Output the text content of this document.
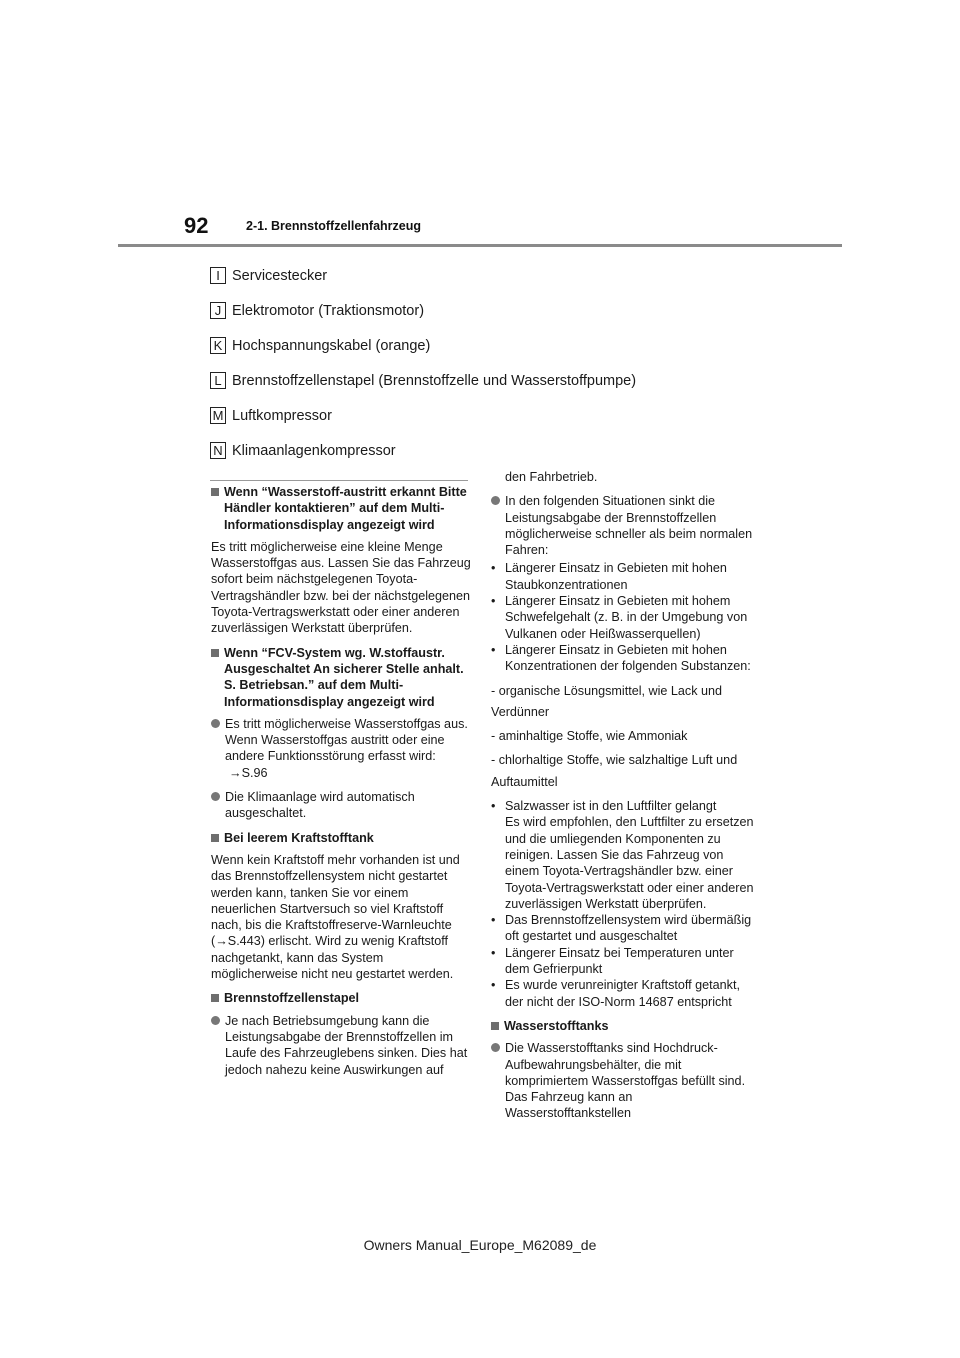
92	2-1. Brennstoffzellenfahrzeug
I Servicestecker
J Elektromotor (Traktionsmotor)
K Hochspannungskabel (orange)
L Brennstoffzellenstapel (Brennstoffzelle und Wasserstoffpumpe)
M Luftkompressor
N Klimaanlagenkompressor
Wenn “Wasserstoff-austritt erkannt Bitte Händler kontaktieren” auf dem Multi-Informationsdisplay angezeigt wird
Es tritt möglicherweise eine kleine Menge Wasserstoffgas aus. Lassen Sie das Fahrzeug sofort beim nächstgelegenen Toyota-Vertragshändler bzw. bei der nächstgelegenen Toyota-Vertragswerkstatt oder einer anderen zuverlässigen Werkstatt überprüfen.
Wenn “FCV-System wg. W.stoffaustr. Ausgeschaltet An sicherer Stelle anhalt. S. Betriebsan.” auf dem Multi-Informationsdisplay angezeigt wird
Es tritt möglicherweise Wasserstoffgas aus.
Wenn Wasserstoffgas austritt oder eine andere Funktionsstörung erfasst wird:
→S.96
Die Klimaanlage wird automatisch ausgeschaltet.
Bei leerem Kraftstofftank
Wenn kein Kraftstoff mehr vorhanden ist und das Brennstoffzellensystem nicht gestartet werden kann, tanken Sie vor einem neuerlichen Startversuch so viel Kraftstoff nach, bis die Kraftstoffreserve-Warnleuchte (→S.443) erlischt. Wird zu wenig Kraftstoff nachgetankt, kann das System möglicherweise nicht neu gestartet werden.
Brennstoffzellenstapel
Je nach Betriebsumgebung kann die Leistungsabgabe der Brennstoffzellen im Laufe des Fahrzeuglebens sinken. Dies hat jedoch nahezu keine Auswirkungen auf
den Fahrbetrieb.
In den folgenden Situationen sinkt die Leistungsabgabe der Brennstoffzellen möglicherweise schneller als beim normalen Fahren:
• Längerer Einsatz in Gebieten mit hohen Staubkonzentrationen
• Längerer Einsatz in Gebieten mit hohem Schwefelgehalt (z. B. in der Umgebung von Vulkanen oder Heißwasserquellen)
• Längerer Einsatz in Gebieten mit hohen Konzentrationen der folgenden Substanzen:
- organische Lösungsmittel, wie Lack und
Verdünner
- aminhaltige Stoffe, wie Ammoniak
- chlorhaltige Stoffe, wie salzhaltige Luft und
Auftaumittel
• Salzwasser ist in den Luftfilter gelangt
Es wird empfohlen, den Luftfilter zu ersetzen und die umliegenden Komponenten zu reinigen. Lassen Sie das Fahrzeug von einem Toyota-Vertragshändler bzw. einer Toyota-Vertragswerkstatt oder einer anderen zuverlässigen Werkstatt überprüfen.
• Das Brennstoffzellensystem wird übermäßig oft gestartet und ausgeschaltet
• Längerer Einsatz bei Temperaturen unter dem Gefrierpunkt
• Es wurde verunreinigter Kraftstoff getankt, der nicht der ISO-Norm 14687 entspricht
Wasserstofftanks
Die Wasserstofftanks sind Hochdruck-Aufbewahrungsbehälter, die mit komprimiertem Wasserstoffgas befüllt sind. Das Fahrzeug kann an Wasserstofftankstellen
Owners Manual_Europe_M62089_de
